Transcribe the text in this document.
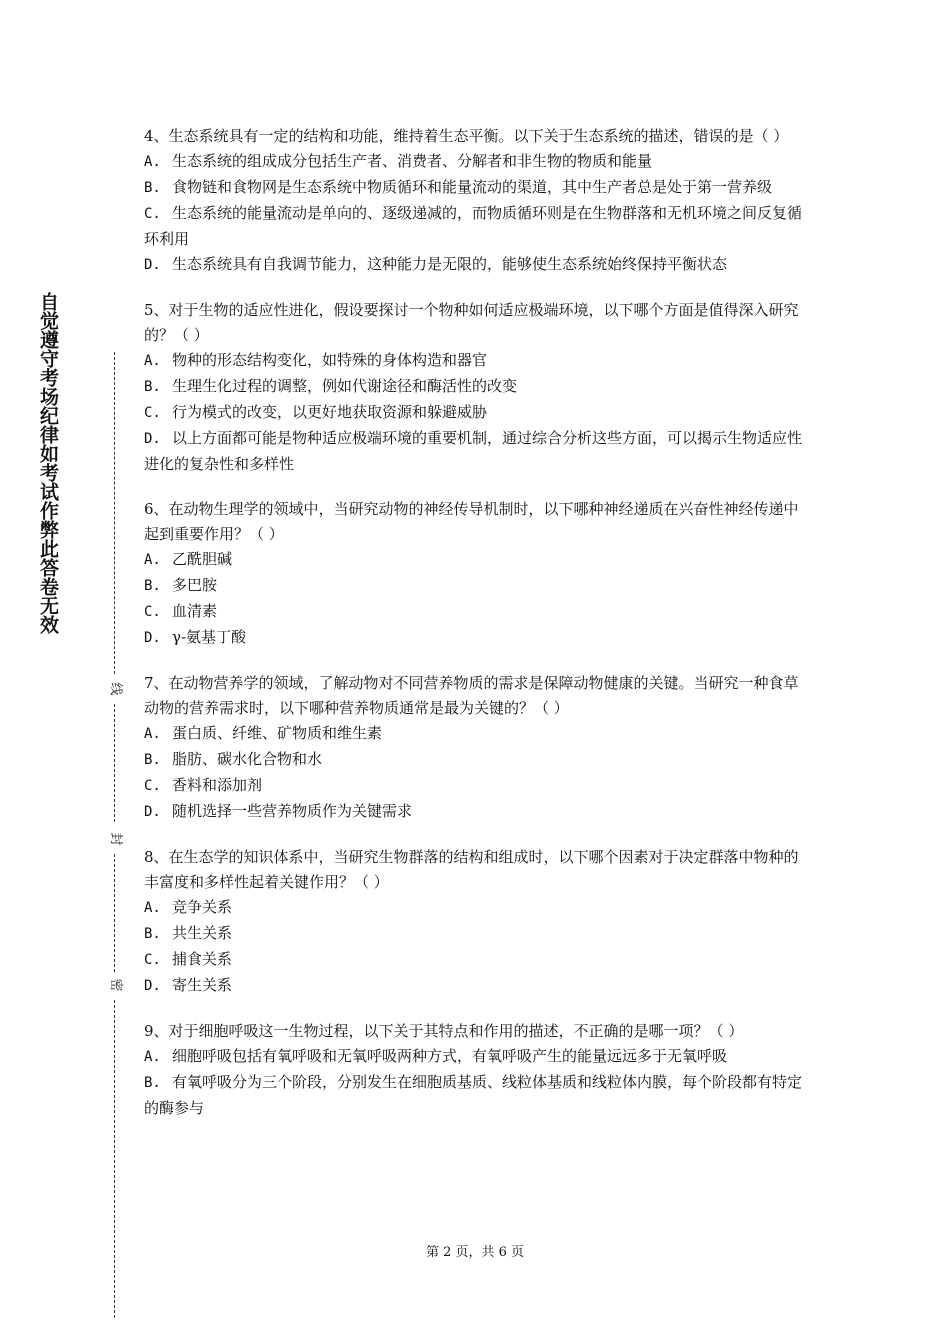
自觉遵守考场纪律如考试作弊此答卷无效
线
封
密

4、生态系统具有一定的结构和功能，维持着生态平衡。以下关于生态系统的描述，错误的是（ ）

A. 生态系统的组成成分包括生产者、消费者、分解者和非生物的物质和能量

B. 食物链和食物网是生态系统中物质循环和能量流动的渠道，其中生产者总是处于第一营养级

C. 生态系统的能量流动是单向的、逐级递减的，而物质循环则是在生物群落和无机环境之间反复循环利用

D. 生态系统具有自我调节能力，这种能力是无限的，能够使生态系统始终保持平衡状态

5、对于生物的适应性进化，假设要探讨一个物种如何适应极端环境，以下哪个方面是值得深入研究的？（ ）

A. 物种的形态结构变化，如特殊的身体构造和器官

B. 生理生化过程的调整，例如代谢途径和酶活性的改变

C. 行为模式的改变，以更好地获取资源和躲避威胁

D. 以上方面都可能是物种适应极端环境的重要机制，通过综合分析这些方面，可以揭示生物适应性进化的复杂性和多样性

6、在动物生理学的领域中，当研究动物的神经传导机制时，以下哪种神经递质在兴奋性神经传递中起到重要作用？（ ）

A. 乙酰胆碱

B. 多巴胺

C. 血清素

D. γ-氨基丁酸

7、在动物营养学的领域，了解动物对不同营养物质的需求是保障动物健康的关键。当研究一种食草动物的营养需求时，以下哪种营养物质通常是最为关键的？（ ）

A. 蛋白质、纤维、矿物质和维生素

B. 脂肪、碳水化合物和水

C. 香料和添加剂

D. 随机选择一些营养物质作为关键需求

8、在生态学的知识体系中，当研究生物群落的结构和组成时，以下哪个因素对于决定群落中物种的丰富度和多样性起着关键作用？（ ）

A. 竞争关系

B. 共生关系

C. 捕食关系

D. 寄生关系

9、对于细胞呼吸这一生物过程，以下关于其特点和作用的描述，不正确的是哪一项？（ ）

A. 细胞呼吸包括有氧呼吸和无氧呼吸两种方式，有氧呼吸产生的能量远远多于无氧呼吸

B. 有氧呼吸分为三个阶段，分别发生在细胞质基质、线粒体基质和线粒体内膜，每个阶段都有特定的酶参与

第 2 页，共 6 页
